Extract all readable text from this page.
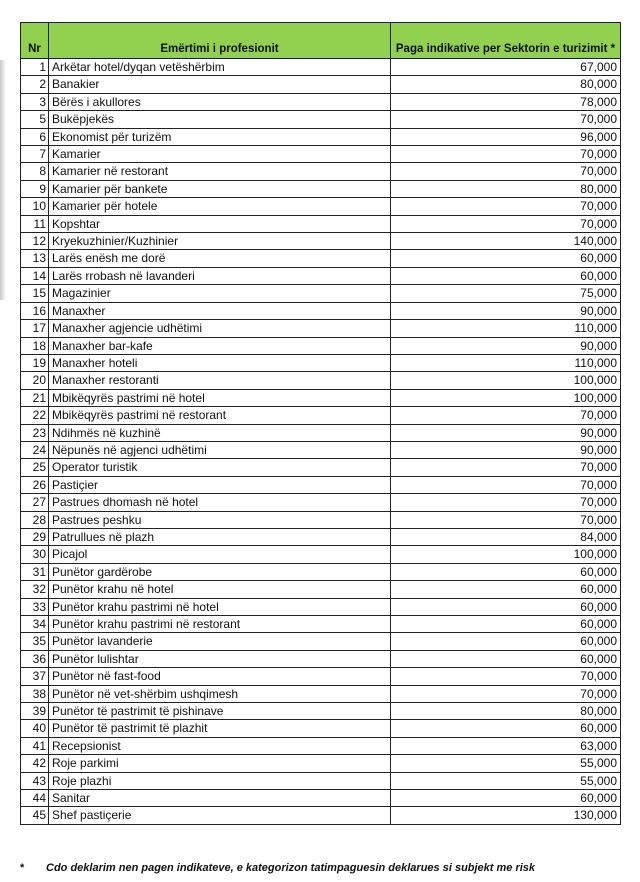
Nr	Emërtimi i profesionit	Paga indikative per Sektorin e turizimit *
1	Arkëtar hotel/dyqan vetëshërbim	67,000
2	Banakier	80,000
3	Bërës i akullores	78,000
5	Bukëpjekës	70,000
6	Ekonomist për turizëm	96,000
7	Kamarier	70,000
8	Kamarier në restorant	70,000
9	Kamarier për bankete	80,000
10	Kamarier për hotele	70,000
11	Kopshtar	70,000
12	Kryekuzhinier/Kuzhinier	140,000
13	Larës enësh me dorë	60,000
14	Larës rrobash në lavanderi	60,000
15	Magazinier	75,000
16	Manaxher	90,000
17	Manaxher agjencie udhëtimi	110,000
18	Manaxher bar-kafe	90,000
19	Manaxher hoteli	110,000
20	Manaxher restoranti	100,000
21	Mbikëqyrës pastrimi në hotel	100,000
22	Mbikëqyrës pastrimi në restorant	70,000
23	Ndihmës në kuzhinë	90,000
24	Nëpunës në agjenci udhëtimi	90,000
25	Operator turistik	70,000
26	Pastiçier	70,000
27	Pastrues dhomash në hotel	70,000
28	Pastrues peshku	70,000
29	Patrullues në plazh	84,000
30	Picajol	100,000
31	Punëtor gardërobe	60,000
32	Punëtor krahu në hotel	60,000
33	Punëtor krahu pastrimi në hotel	60,000
34	Punëtor krahu pastrimi në restorant	60,000
35	Punëtor lavanderie	60,000
36	Punëtor lulishtar	60,000
37	Punëtor në fast-food	70,000
38	Punëtor në vet-shërbim ushqimesh	70,000
39	Punëtor të pastrimit të pishinave	80,000
40	Punëtor të pastrimit të plazhit	60,000
41	Recepsionist	63,000
42	Roje parkimi	55,000
43	Roje plazhi	55,000
44	Sanitar	60,000
45	Shef pastiçerie	130,000
* Cdo deklarim nen pagen indikateve, e kategorizon tatimpaguesin deklarues si subjekt me risk
